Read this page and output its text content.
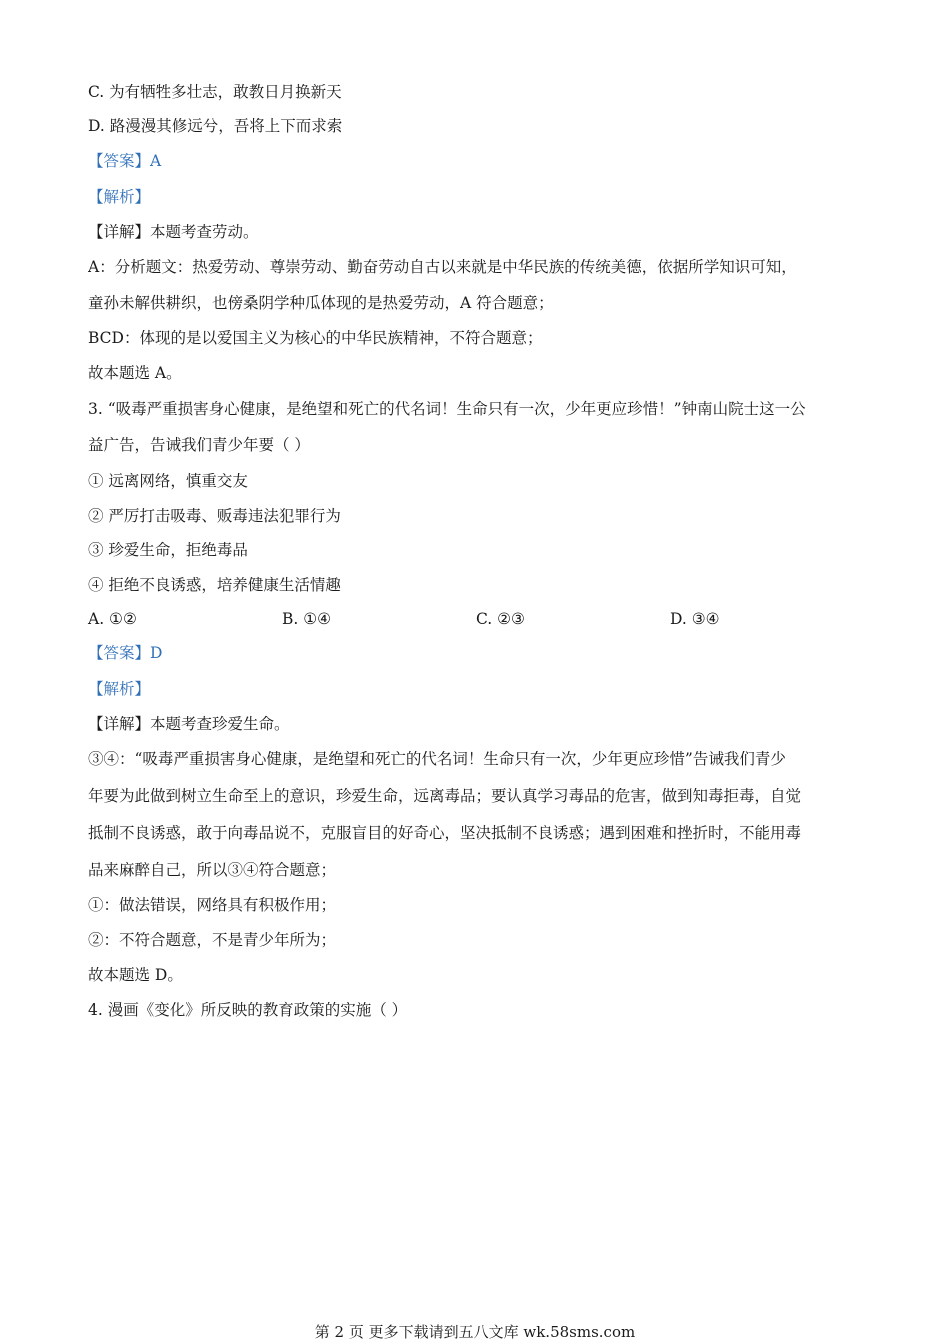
C. 为有牺牲多壮志，敢教日月换新天
D. 路漫漫其修远兮，吾将上下而求索
【答案】A
【解析】
【详解】本题考查劳动。
A：分析题文：热爱劳动、尊崇劳动、勤奋劳动自古以来就是中华民族的传统美德，依据所学知识可知，
童孙未解供耕织，也傍桑阴学种瓜体现的是热爱劳动，A 符合题意；
BCD：体现的是以爱国主义为核心的中华民族精神，不符合题意；
故本题选 A。
3. “吸毒严重损害身心健康，是绝望和死亡的代名词！生命只有一次，少年更应珍惜！”钟南山院士这一公
益广告，告诫我们青少年要（ ）
① 远离网络，慎重交友
② 严厉打击吸毒、贩毒违法犯罪行为
③ 珍爱生命，拒绝毒品
④ 拒绝不良诱惑，培养健康生活情趣
A. ①②	B. ①④	C. ②③	D. ③④
【答案】D
【解析】
【详解】本题考查珍爱生命。
③④：“吸毒严重损害身心健康，是绝望和死亡的代名词！生命只有一次，少年更应珍惜”告诫我们青少
年要为此做到树立生命至上的意识，珍爱生命，远离毒品；要认真学习毒品的危害，做到知毒拒毒，自觉
抵制不良诱惑，敢于向毒品说不，克服盲目的好奇心，坚决抵制不良诱惑；遇到困难和挫折时，不能用毒
品来麻醉自己，所以③④符合题意；
①：做法错误，网络具有积极作用；
②：不符合题意，不是青少年所为；
故本题选 D。
4. 漫画《变化》所反映的教育政策的实施（ ）
第 2 页 更多下载请到五八文库 wk.58sms.com
